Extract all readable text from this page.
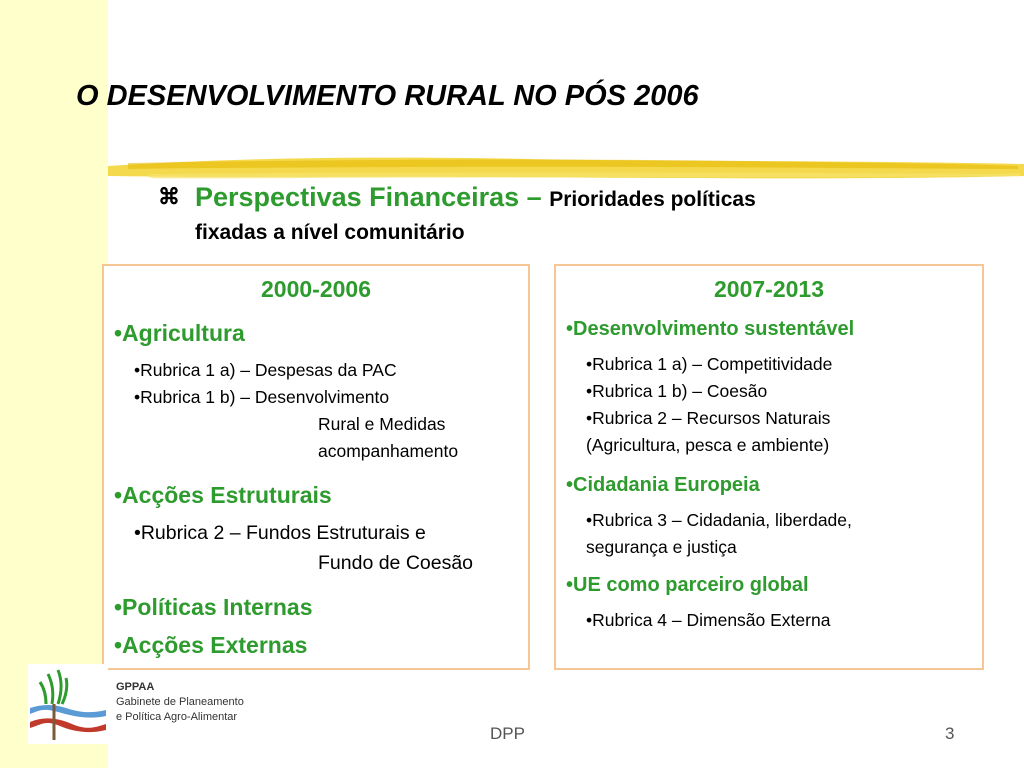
O DESENVOLVIMENTO RURAL NO PÓS 2006
⌘ Perspectivas Financeiras – Prioridades políticas
fixadas a nível comunitário
2000-2006
•Agricultura
•Rubrica 1 a) – Despesas da PAC
•Rubrica 1 b) – Desenvolvimento
Rural e Medidas
acompanhamento
•Acções Estruturais
•Rubrica 2 – Fundos Estruturais e
Fundo de Coesão
•Políticas Internas
•Acções Externas
2007-2013
•Desenvolvimento sustentável
•Rubrica 1 a) – Competitividade
•Rubrica 1 b) – Coesão
•Rubrica 2 – Recursos Naturais
(Agricultura, pesca e ambiente)
•Cidadania Europeia
•Rubrica 3 – Cidadania, liberdade,
segurança e justiça
•UE como parceiro global
•Rubrica 4 – Dimensão Externa
GPPAA
Gabinete de Planeamento
e Política Agro-Alimentar
DPP	3
